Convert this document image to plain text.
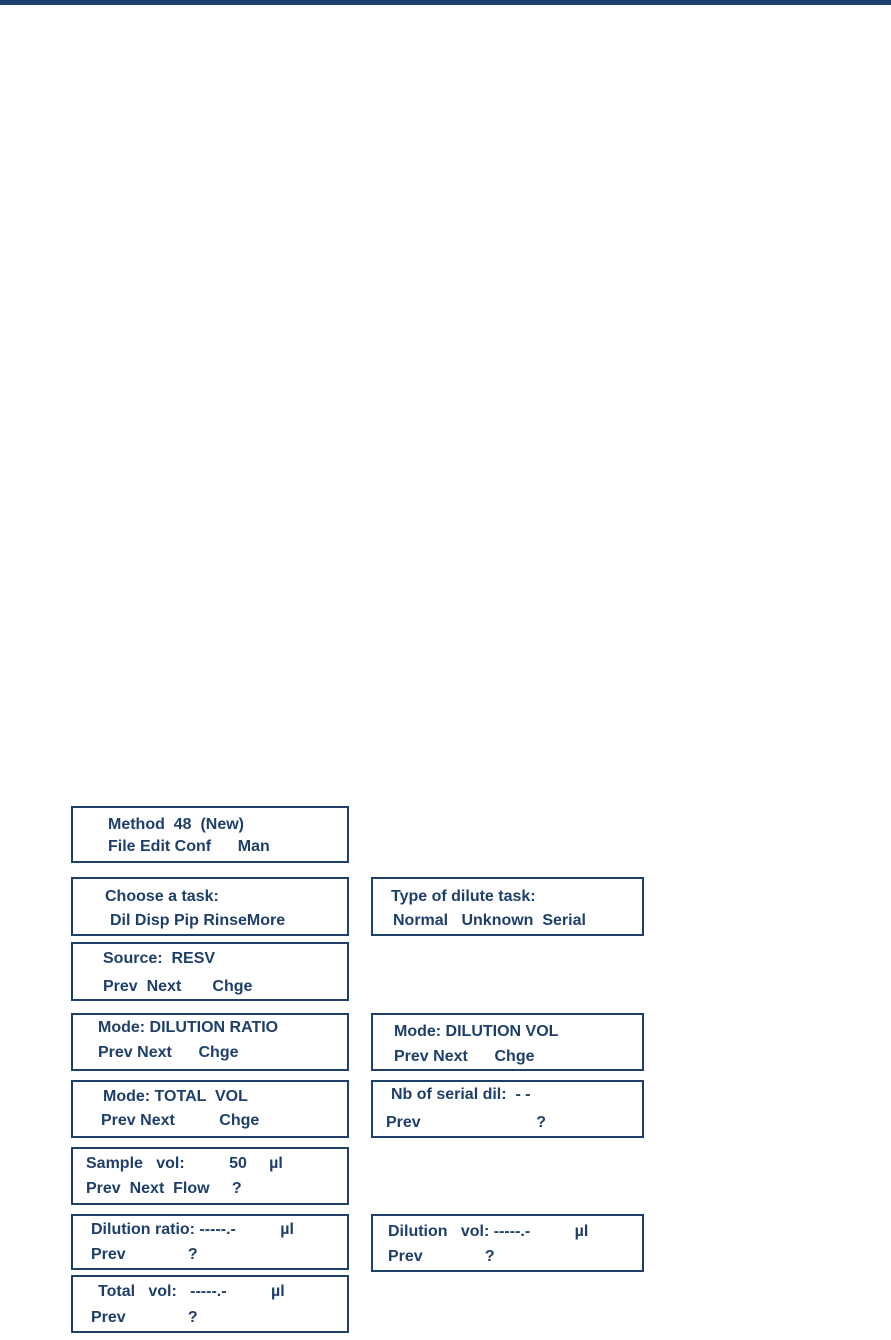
Method  48  (New)
File Edit Conf      Man
Choose a task:
Dil Disp Pip RinseMore
Source:  RESV
Prev  Next       Chge
Mode: DILUTION RATIO
Prev Next      Chge
Mode: TOTAL  VOL
Prev Next          Chge
Sample   vol:          50     µl
Prev  Next  Flow     ?
Dilution ratio: -----.-          µl
Prev              ?
Total   vol:   -----.-          µl
Prev              ?
Type of dilute task:
Normal   Unknown  Serial
Mode: DILUTION VOL
Prev Next      Chge
Nb of serial dil:  - -
Prev                          ?
Dilution   vol: -----.-          µl
Prev              ?
